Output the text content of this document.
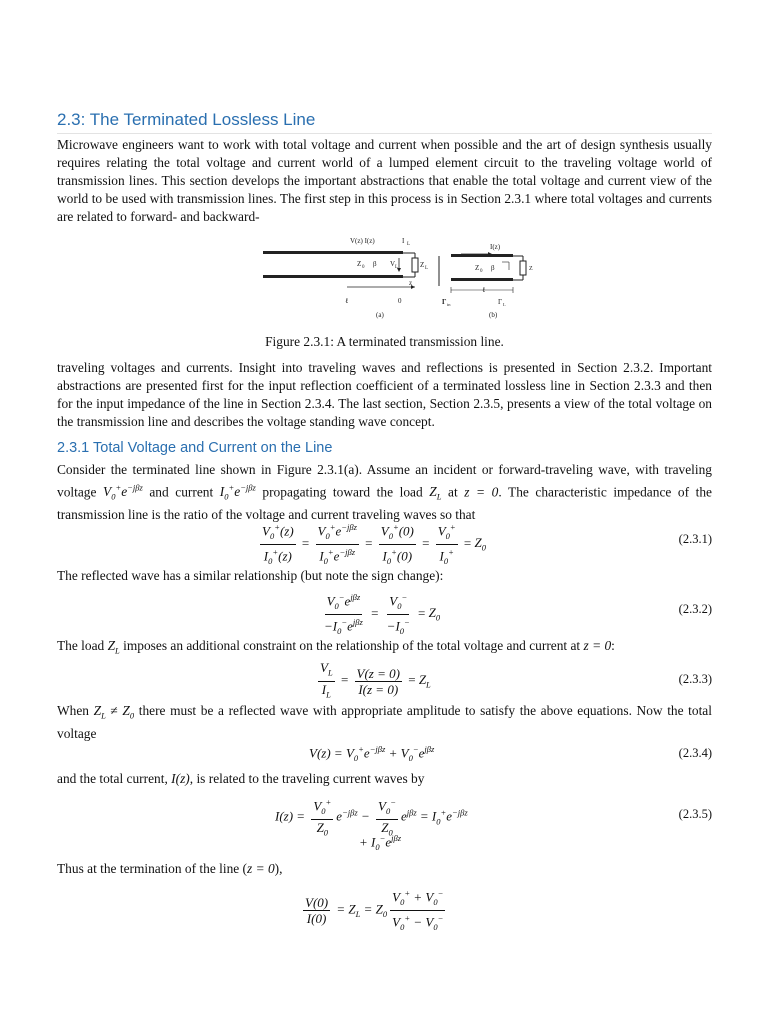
2.3: The Terminated Lossless Line

Microwave engineers want to work with total voltage and current when possible and the art of design synthesis usually requires relating the total voltage and current world of a lumped element circuit to the traveling voltage world of transmission lines. This section develops the important abstractions that enable the total voltage and current view of the world to be used with transmission lines. The first step in this process is in Section 2.3.1 where total voltages and currents are related to forward- and backward-

V(z) I(z)	I L
Z 0 β V L	Z L
z
ℓ	0
(a)
I(z)
Z 0 β	Z
ℓ
Γ in	Γ L
(b)
Figure 2.3.1: A terminated transmission line.

traveling voltages and currents. Insight into traveling waves and reflections is presented in Section 2.3.2. Important abstractions are presented first for the input reflection coefficient of a terminated lossless line in Section 2.3.3 and then for the input impedance of the line in Section 2.3.4. The last section, Section 2.3.5, presents a view of the total voltage on the transmission line and describes the voltage standing wave concept.

2.3.1 Total Voltage and Current on the Line

Consider the terminated line shown in Figure 2.3.1(a). Assume an incident or forward-traveling wave, with traveling voltage $V_0^+e^{-j\beta z}$ and current $I_0^+e^{-j\beta z}$ propagating toward the load $Z_L$ at z = 0. The characteristic impedance of the transmission line is the ratio of the voltage and current traveling waves so that

$\frac{V_0^+(z)}{I_0^+(z)} = \frac{V_0^+e^{-j\beta z}}{I_0^+e^{-j\beta z}} = \frac{V_0^+(0)}{I_0^+(0)} = \frac{V_0^+}{I_0^+} = Z_0$
(2.3.1)

The reflected wave has a similar relationship (but note the sign change):

$\frac{V_0^-e^{j\beta z}}{-I_0^-e^{j\beta z}} = \frac{V_0^-}{-I_0^-} = Z_0$
(2.3.2)

The load $Z_L$ imposes an additional constraint on the relationship of the total voltage and current at z = 0:

$\frac{V_L}{I_L} = \frac{V(z = 0)}{I(z = 0)} = Z_L$	(2.3.3)

When $Z_L \ne Z_0$ there must be a reflected wave with appropriate amplitude to satisfy the above equations. Now the total voltage

$V(z) = V_0^+e^{-j\beta z} + V_0^-e^{j\beta z}$	(2.3.4)

and the total current, I(z), is related to the traveling current waves by

$I(z) = \frac{V_0^+}{Z_0} e^{-j\beta z} - \frac{V_0^-}{Z_0} e^{j\beta z} = I_0^+e^{-j\beta z}$
+ $I_0^-e^{j\beta z}$
(2.3.5)

Thus at the termination of the line (z = 0),

$\frac{V(0)}{I(0)} = Z_L = Z_0 \frac{V_0^+ + V_0^-}{V_0^+ - V_0^-}$
